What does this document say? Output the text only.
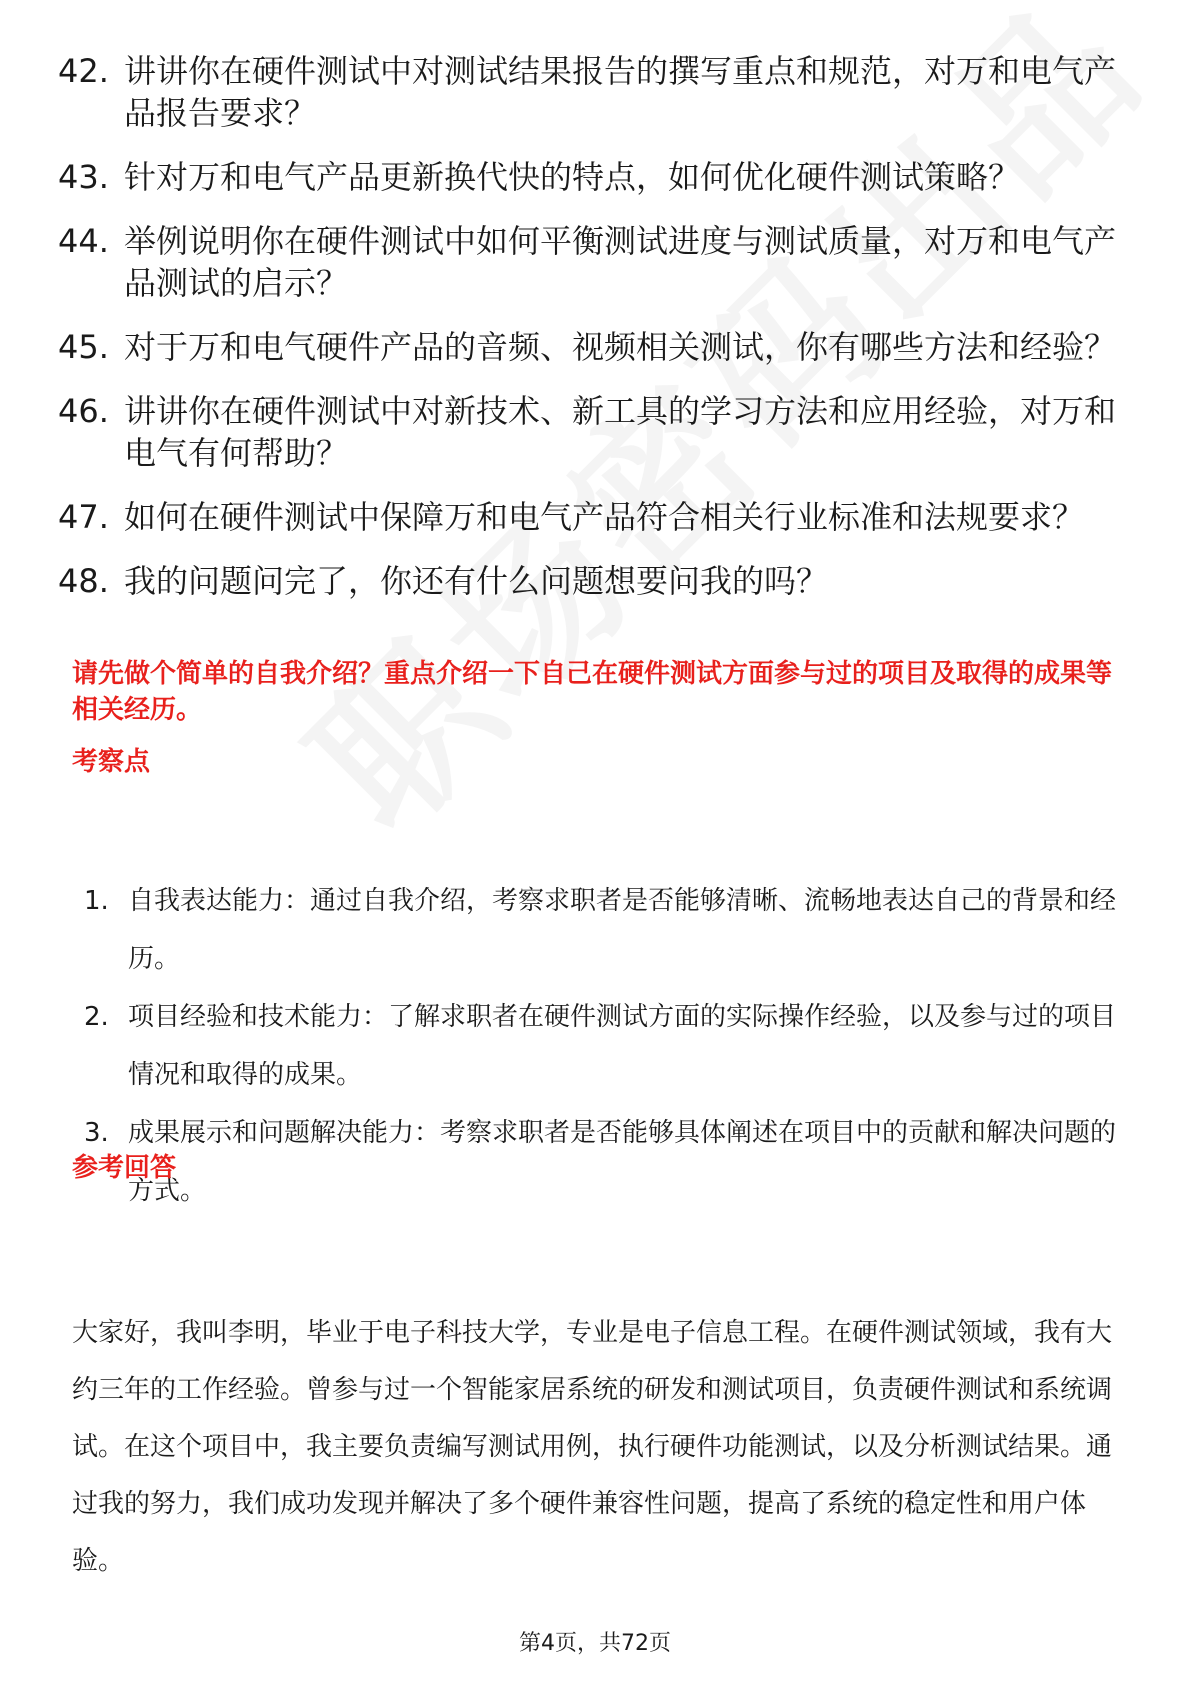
42. 讲讲你在硬件测试中对测试结果报告的撰写重点和规范，对万和电气产品报告要求？
43. 针对万和电气产品更新换代快的特点，如何优化硬件测试策略？
44. 举例说明你在硬件测试中如何平衡测试进度与测试质量，对万和电气产品测试的启示？
45. 对于万和电气硬件产品的音频、视频相关测试，你有哪些方法和经验？
46. 讲讲你在硬件测试中对新技术、新工具的学习方法和应用经验，对万和电气有何帮助？
47. 如何在硬件测试中保障万和电气产品符合相关行业标准和法规要求？
48. 我的问题问完了，你还有什么问题想要问我的吗？
请先做个简单的自我介绍？重点介绍一下自己在硬件测试方面参与过的项目及取得的成果等相关经历。
考察点
1. 自我表达能力：通过自我介绍，考察求职者是否能够清晰、流畅地表达自己的背景和经历。
2. 项目经验和技术能力：了解求职者在硬件测试方面的实际操作经验，以及参与过的项目情况和取得的成果。
3. 成果展示和问题解决能力：考察求职者是否能够具体阐述在项目中的贡献和解决问题的方式。
参考回答

大家好，我叫李明，毕业于电子科技大学，专业是电子信息工程。在硬件测试领域，我有大约三年的工作经验。曾参与过一个智能家居系统的研发和测试项目，负责硬件测试和系统调试。在这个项目中，我主要负责编写测试用例，执行硬件功能测试，以及分析测试结果。通过我的努力，我们成功发现并解决了多个硬件兼容性问题，提高了系统的稳定性和用户体验。

第4页，共72页
